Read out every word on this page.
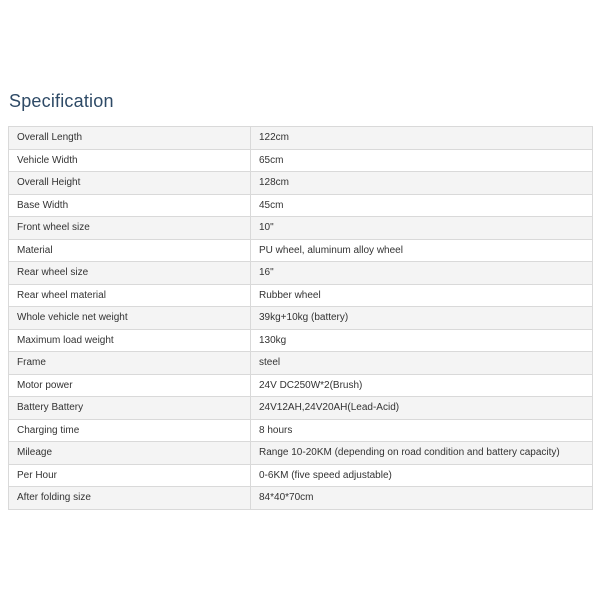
Specification
Overall Length	122cm
Vehicle Width	65cm
Overall Height	128cm
Base Width	45cm
Front wheel size	10"
Material	PU wheel, aluminum alloy wheel
Rear wheel size	16"
Rear wheel material	Rubber wheel
Whole vehicle net weight	39kg+10kg (battery)
Maximum load weight	130kg
Frame	steel
Motor power	24V DC250W*2(Brush)
Battery Battery	24V12AH,24V20AH(Lead-Acid)
Charging time	8 hours
Mileage	Range 10-20KM (depending on road condition and battery capacity)
Per Hour	0-6KM (five speed adjustable)
After folding size	84*40*70cm
